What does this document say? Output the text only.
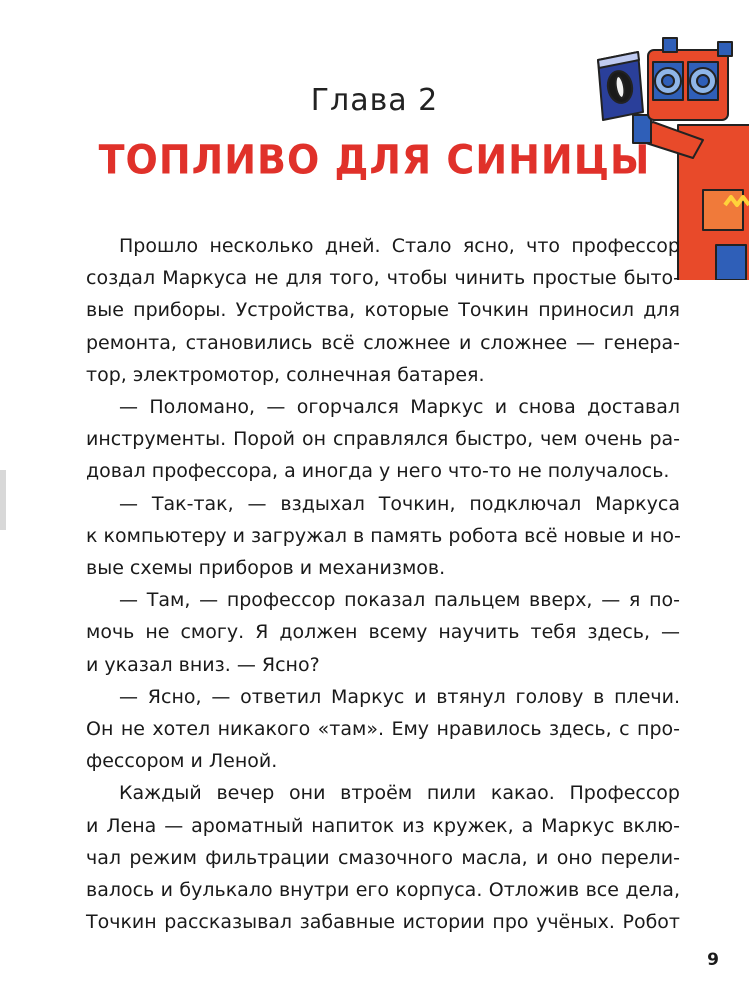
Глава 2
ТОПЛИВО ДЛЯ СИНИЦЫ
Прошло несколько дней. Стало ясно, что профессор
создал Маркуса не для того, чтобы чинить простые быто-
вые приборы. Устройства, которые Точкин приносил для
ремонта, становились всё сложнее и сложнее — генера-
тор, электромотор, солнечная батарея.
— Поломано, — огорчался Маркус и снова доставал
инструменты. Порой он справлялся быстро, чем очень ра-
довал профессора, а иногда у него что-то не получалось.
— Так-так, — вздыхал Точкин, подключал Маркуса
к компьютеру и загружал в память робота всё новые и но-
вые схемы приборов и механизмов.
— Там, — профессор показал пальцем вверх, — я по-
мочь не смогу. Я должен всему научить тебя здесь, —
и указал вниз. — Ясно?
— Ясно, — ответил Маркус и втянул голову в плечи.
Он не хотел никакого «там». Ему нравилось здесь, с про-
фессором и Леной.
Каждый вечер они втроём пили какао. Профессор
и Лена — ароматный напиток из кружек, а Маркус вклю-
чал режим фильтрации смазочного масла, и оно перели-
валось и булькало внутри его корпуса. Отложив все дела,
Точкин рассказывал забавные истории про учёных. Робот
9
